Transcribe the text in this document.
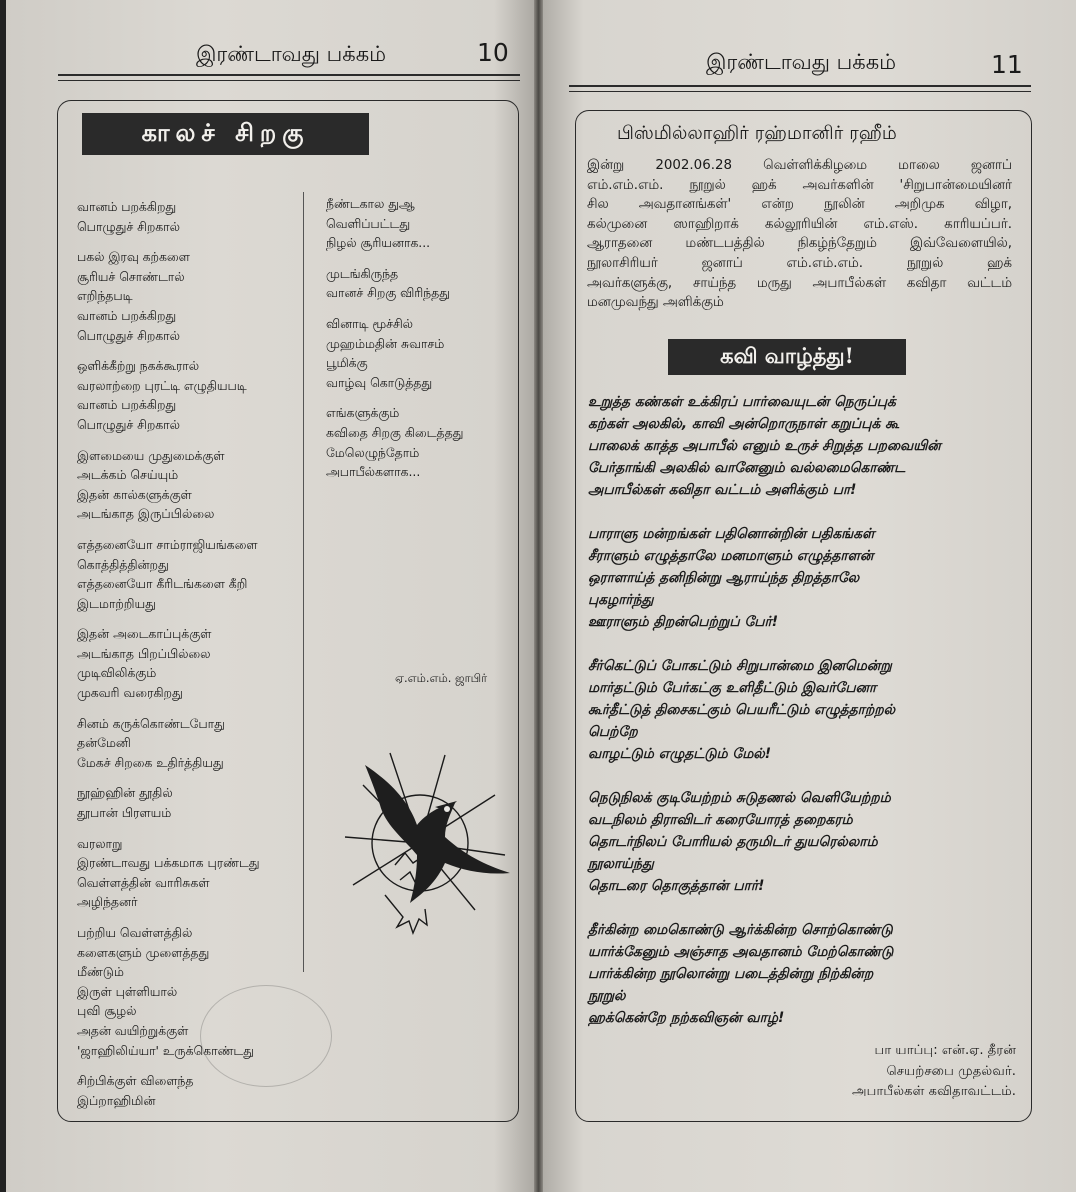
இரண்டாவது பக்கம்	10
காலச் சிறகு
வானம் பறக்கிறது
பொழுதுச் சிறகால்
பகல் இரவு கற்களை
சூரியச் சொண்டால்
எறிந்தபடி
வானம் பறக்கிறது
பொழுதுச் சிறகால்
ஒளிக்கீற்று நகக்கூரால்
வரலாற்றை புரட்டி எழுதியபடி
வானம் பறக்கிறது
பொழுதுச் சிறகால்
இளமையை முதுமைக்குள்
அடக்கம் செய்யும்
இதன் கால்களுக்குள்
அடங்காத இருப்பில்லை
எத்தனையோ சாம்ராஜியங்களை
கொத்தித்தின்றது
எத்தனையோ கீரிடங்களை கீறி
இடமாற்றியது
இதன் அடைகாப்புக்குள்
அடங்காத பிறப்பில்லை
முடிவிலிக்கும்
முகவரி வரைகிறது
சினம் கருக்கொண்டபோது
தன்மேனி
மேகச் சிறகை உதிர்த்தியது
நூஹ்ஹின் தூதில்
தூபான் பிரளயம்
வரலாறு
இரண்டாவது பக்கமாக புரண்டது
வெள்ளத்தின் வாரிசுகள்
அழிந்தனர்
பற்றிய வெள்ளத்தில்
களைகளும் முளைத்தது
மீண்டும்
இருள் புள்ளியால்
புவி சூழல்
அதன் வயிற்றுக்குள்
'ஜாஹிலிய்யா' உருக்கொண்டது
சிற்பிக்குள் விளைந்த
இப்றாஹிமின்
நீண்டகால துஆ
வெளிப்பட்டது
நிழல் சூரியனாக...
முடங்கிருந்த
வானச் சிறகு விரிந்தது
வினாடி மூச்சில்
முஹம்மதின் சுவாசம்
பூமிக்கு
வாழ்வு கொடுத்தது
எங்களுக்கும்
கவிதை சிறகு கிடைத்தது
மேலெழுந்தோம்
அபாபீல்களாக...
ஏ.எம்.எம். ஜாபிர்
இரண்டாவது பக்கம்	11
பிஸ்மில்லாஹிர் ரஹ்மானிர் ரஹீம்
இன்று 2002.06.28 வெள்ளிக்கிழமை மாலை ஜனாப்
எம்.எம்.எம். நூறுல் ஹக் அவர்களின் 'சிறுபான்மையினர்
சில அவதானங்கள்' என்ற நூலின் அறிமுக விழா,
கல்முனை ஸாஹிறாக் கல்லூரியின் எம்.எஸ். காரியப்பர்.
ஆராதனை மண்டபத்தில் நிகழ்ந்தேறும் இவ்வேளையில்,
நூலாசிரியர் ஜனாப் எம்.எம்.எம். நூறுல் ஹக்
அவர்களுக்கு, சாய்ந்த மருது அபாபீல்கள் கவிதா வட்டம்
மனமுவந்து அளிக்கும்
கவி வாழ்த்து!
உறுத்த கண்கள் உக்கிரப் பார்வையுடன் நெருப்புக்
கற்கள் அலகில், காவி அன்றொருநாள் கறுப்புக் கூ
பாலைக் காத்த அபாபீல் எனும் உருச் சிறுத்த பறவையின்
பேர்தாங்கி அலகில் வானேனும் வல்லமைகொண்ட
அபாபீல்கள் கவிதா வட்டம் அளிக்கும் பா!
பாராளு மன்றங்கள் பதினொன்றின் பதிகங்கள்
சீராளும் எழுத்தாலே மனமாளும் எழுத்தாளன்
ஒராளாய்த் தனிநின்று ஆராய்ந்த திறத்தாலே
புகழார்ந்து
ஊராளும் திறன்பெற்றுப் பேர்!
சீர்கெட்டுப் போகட்டும் சிறுபான்மை இனமென்று
மார்தட்டும் பேர்கட்கு உளிதீட்டும் இவர்பேனா
கூர்தீட்டுத் திசைகட்கும் பெயரீட்டும் எழுத்தாற்றல்
பெற்றே
வாழட்டும் எழுதட்டும் மேல்!
நெடுநிலக் குடியேற்றம் சுடுதணல் வெளியேற்றம்
வடநிலம் திராவிடர் கரையோரத் தறைகரம்
தொடர்நிலப் போரியல் தருமிடர் துயரெல்லாம்
நூலாய்ந்து
தொடரை தொகுத்தான் பார்!
தீர்கின்ற மைகொண்டு ஆர்க்கின்ற சொற்கொண்டு
யார்க்கேனும் அஞ்சாத அவதானம் மேற்கொண்டு
பார்க்கின்ற நூலொன்று படைத்தின்று நிற்கின்ற
நூறுல்
ஹக்கென்றே நற்கவிஞன் வாழ்!
பா யாப்பு: என்.ஏ. தீரன்
செயற்சபை முதல்வர்.
அபாபீல்கள் கவிதாவட்டம்.
